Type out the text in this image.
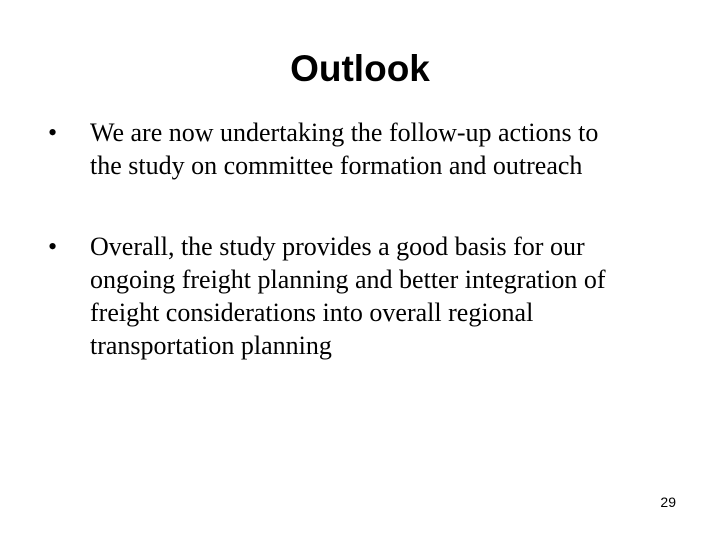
Outlook
• We are now undertaking the follow-up actions to
the study on committee formation and outreach
• Overall, the study provides a good basis for our
ongoing freight planning and better integration of
freight considerations into overall regional
transportation planning
29
